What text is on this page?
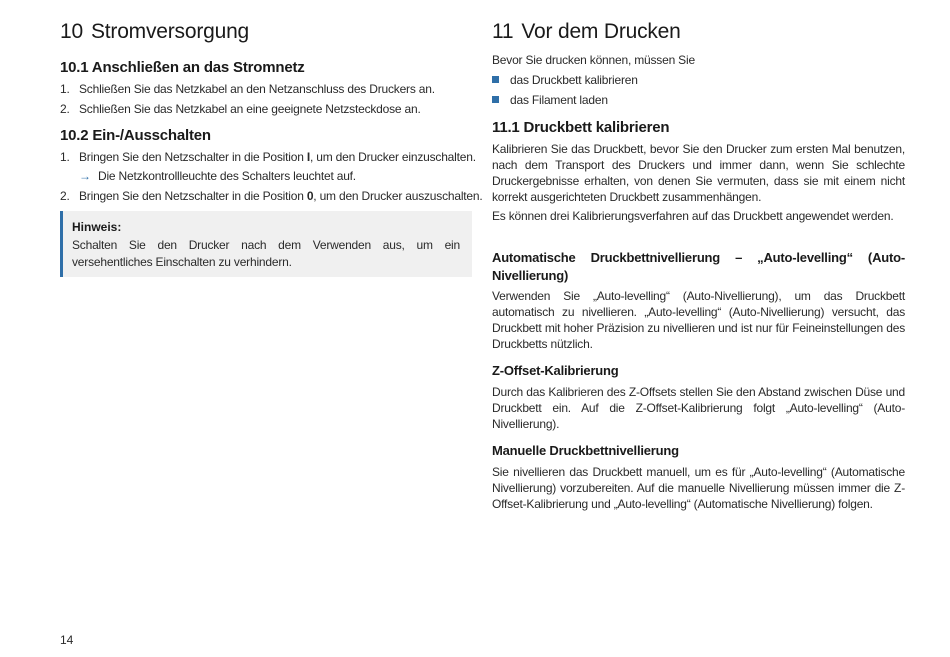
10 Stromversorgung
10.1 Anschließen an das Stromnetz
1. Schließen Sie das Netzkabel an den Netzanschluss des Druckers an.
2. Schließen Sie das Netzkabel an eine geeignete Netzsteckdose an.
10.2 Ein-/Ausschalten
1. Bringen Sie den Netzschalter in die Position I, um den Drucker einzuschalten.
→ Die Netzkontrollleuchte des Schalters leuchtet auf.
2. Bringen Sie den Netzschalter in die Position 0, um den Drucker auszuschalten.
Hinweis:
Schalten Sie den Drucker nach dem Verwenden aus, um ein versehentliches Einschalten zu verhindern.
11 Vor dem Drucken
Bevor Sie drucken können, müssen Sie
das Druckbett kalibrieren
das Filament laden
11.1 Druckbett kalibrieren
Kalibrieren Sie das Druckbett, bevor Sie den Drucker zum ersten Mal benutzen, nach dem Transport des Druckers und immer dann, wenn Sie schlechte Druckergebnisse erhalten, von denen Sie vermuten, dass sie mit einem nicht korrekt ausgerichteten Druckbett zusammenhängen.
Es können drei Kalibrierungsverfahren auf das Druckbett angewendet werden.
Automatische Druckbettnivellierung – „Auto-levelling“ (Auto-Nivellierung)
Verwenden Sie „Auto-levelling“ (Auto-Nivellierung), um das Druckbett automatisch zu nivellieren. „Auto-levelling“ (Auto-Nivellierung) versucht, das Druckbett mit hoher Präzision zu nivellieren und ist nur für Feineinstellungen des Druckbetts nützlich.
Z-Offset-Kalibrierung
Durch das Kalibrieren des Z-Offsets stellen Sie den Abstand zwischen Düse und Druckbett ein. Auf die Z-Offset-Kalibrierung folgt „Auto-levelling“ (Auto-Nivellierung).
Manuelle Druckbettnivellierung
Sie nivellieren das Druckbett manuell, um es für „Auto-levelling“ (Automatische Nivellierung) vorzubereiten. Auf die manuelle Nivellierung müssen immer die Z-Offset-Kalibrierung und „Auto-levelling“ (Automatische Nivellierung) folgen.
14
